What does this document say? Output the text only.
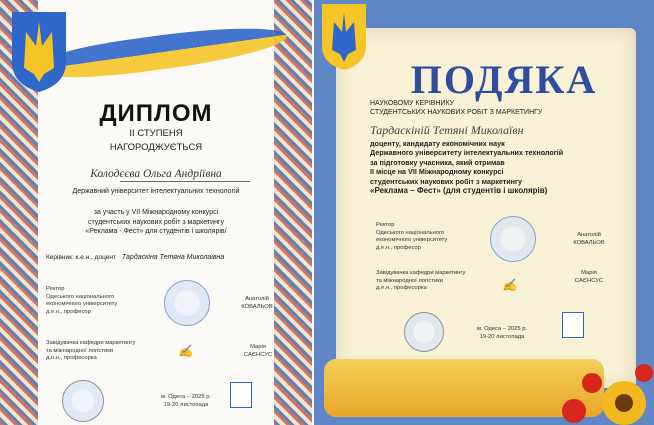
ДИПЛОМ
II СТУПЕНЯ
НАГОРОДЖУЄТЬСЯ
Колодєєва Ольга Андріївна
Державний університет інтелектуальних технологій
за участь у VII Міжнародному конкурсі
студентських наукових робіт з маркетингу
«Реклама - Фест» для студентів і школярів/
Керівник: к.е.н., доцент Тардаскіна Тетяна Миколаївна
Ректор
Одеського національного
економічного університету
д.е.н., професор
Анатолій
КОВАЛЬОВ
Завідувачка кафедри маркетингу
та міжнародної логістики
д.н.н., професорка	✍	Марія
САЄНСУС
м. Одеса – 2025 р.
19-20 листопада
ПОДЯКА
НАУКОВОМУ КЕРІВНИКУ
СТУДЕНТСЬКИХ НАУКОВИХ РОБІТ З МАРКЕТИНГУ
Тардаскіній Тетяні Миколаївн
доценту, кандидату економічних наук
Державного університету інтелектуальних технологій
за підготовку учасника, який отримав
II місце на VII Міжнародному конкурсі
студентських наукових робіт з маркетингу
«Реклама – Фест» (для студентів і школярів)
Ректор
Одеського національного
економічного університету
д.е.н., професор
Анатолій
КОВАЛЬОВ
Завідувачка кафедри маркетингу
та міжнародної логістики
д.е.н., професорка	✍
Марія
САЄНСУС
м. Одеса – 2025 р.
19-20 листопада
